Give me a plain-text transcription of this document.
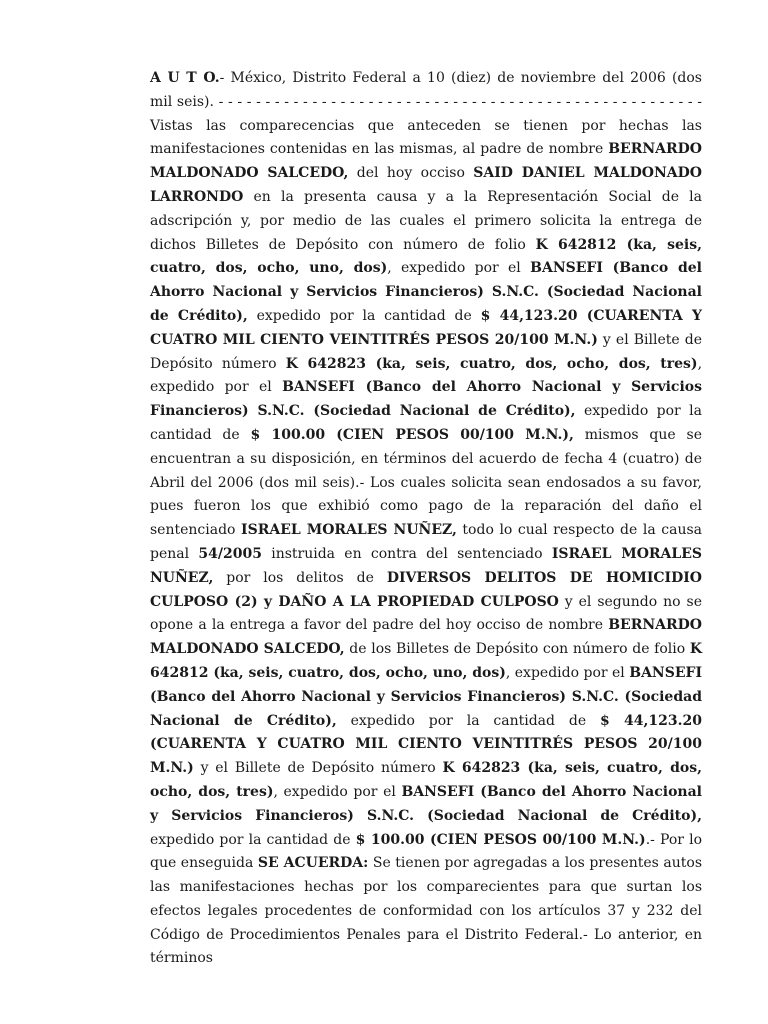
A U T O.- México, Distrito Federal a 10 (diez) de noviembre del 2006 (dos mil seis). - - - - - - - - - - - - - - - - - - - - - - - - - - - - - - - - - - - - - - - - - - - - - - - - - - - - Vistas las comparecencias que anteceden se tienen por hechas las manifestaciones contenidas en las mismas, al padre de nombre BERNARDO MALDONADO SALCEDO, del hoy occiso SAID DANIEL MALDONADO LARRONDO en la presenta causa y a la Representación Social de la adscripción y, por medio de las cuales el primero solicita la entrega de dichos Billetes de Depósito con número de folio K 642812 (ka, seis, cuatro, dos, ocho, uno, dos), expedido por el BANSEFI (Banco del Ahorro Nacional y Servicios Financieros) S.N.C. (Sociedad Nacional de Crédito), expedido por la cantidad de $ 44,123.20 (CUARENTA Y CUATRO MIL CIENTO VEINTITRÉS PESOS 20/100 M.N.) y el Billete de Depósito número K 642823 (ka, seis, cuatro, dos, ocho, dos, tres), expedido por el BANSEFI (Banco del Ahorro Nacional y Servicios Financieros) S.N.C. (Sociedad Nacional de Crédito), expedido por la cantidad de $ 100.00 (CIEN PESOS 00/100 M.N.), mismos que se encuentran a su disposición, en términos del acuerdo de fecha 4 (cuatro) de Abril del 2006 (dos mil seis).- Los cuales solicita sean endosados a su favor, pues fueron los que exhibió como pago de la reparación del daño el sentenciado ISRAEL MORALES NUÑEZ, todo lo cual respecto de la causa penal 54/2005 instruida en contra del sentenciado ISRAEL MORALES NUÑEZ, por los delitos de DIVERSOS DELITOS DE HOMICIDIO CULPOSO (2) y DAÑO A LA PROPIEDAD CULPOSO y el segundo no se opone a la entrega a favor del padre del hoy occiso de nombre BERNARDO MALDONADO SALCEDO, de los Billetes de Depósito con número de folio K 642812 (ka, seis, cuatro, dos, ocho, uno, dos), expedido por el BANSEFI (Banco del Ahorro Nacional y Servicios Financieros) S.N.C. (Sociedad Nacional de Crédito), expedido por la cantidad de $ 44,123.20 (CUARENTA Y CUATRO MIL CIENTO VEINTITRÉS PESOS 20/100 M.N.) y el Billete de Depósito número K 642823 (ka, seis, cuatro, dos, ocho, dos, tres), expedido por el BANSEFI (Banco del Ahorro Nacional y Servicios Financieros) S.N.C. (Sociedad Nacional de Crédito), expedido por la cantidad de $ 100.00 (CIEN PESOS 00/100 M.N.).- Por lo que enseguida SE ACUERDA: Se tienen por agregadas a los presentes autos las manifestaciones hechas por los comparecientes para que surtan los efectos legales procedentes de conformidad con los artículos 37 y 232 del Código de Procedimientos Penales para el Distrito Federal.- Lo anterior, en términos
